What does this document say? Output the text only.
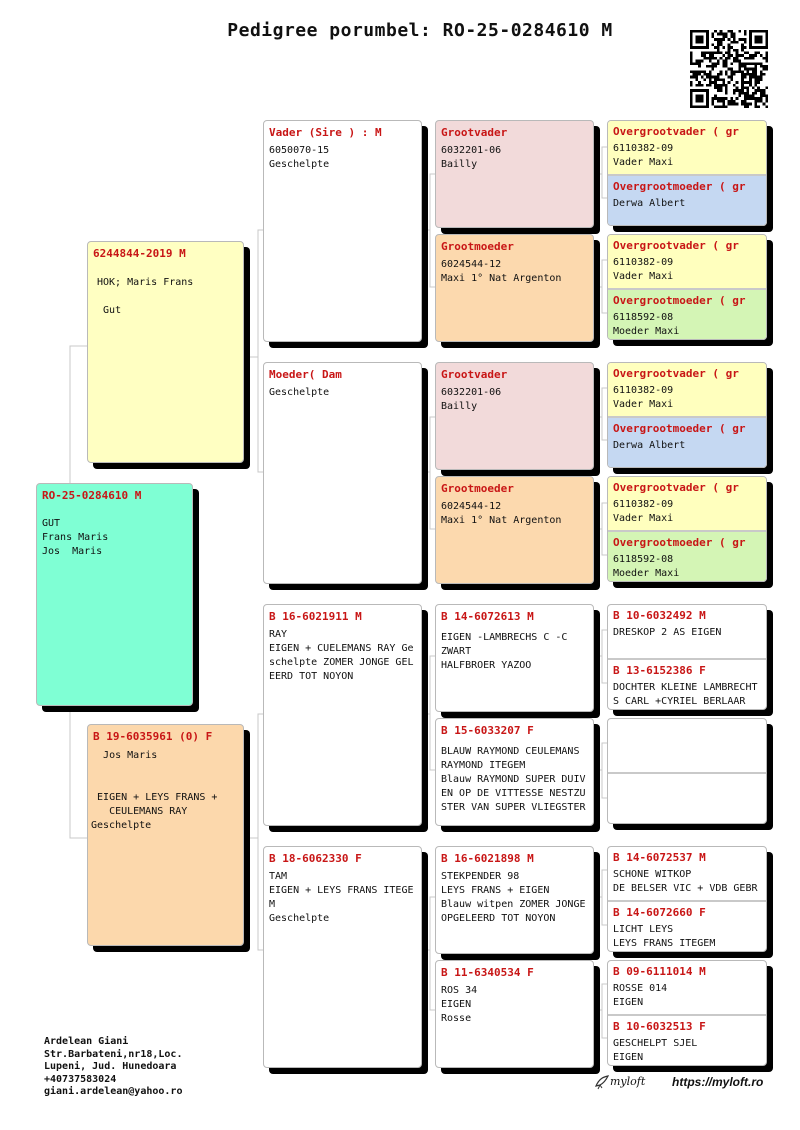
Pedigree porumbel: RO-25-0284610 M
RO-25-0284610 M
GUT
Frans Maris
Jos  Maris
6244844-2019 M
HOK; Maris Frans

Gut
B 19-6035961 (0) F
Jos Maris

EIGEN + LEYS FRANS +
CEULEMANS RAY
Geschelpte
Vader (Sire ) : M
6050070-15
Geschelpte
Moeder( Dam
Geschelpte
B 16-6021911 M
RAY
EIGEN + CUELEMANS RAY Ge
schelpte ZOMER JONGE GEL
EERD TOT NOYON
B 18-6062330 F
TAM
EIGEN + LEYS FRANS ITEGE
M
Geschelpte
Grootvader
6032201-06
Bailly
Grootmoeder
6024544-12
Maxi 1° Nat Argenton
Grootvader
6032201-06
Bailly
Grootmoeder
6024544-12
Maxi 1° Nat Argenton
B 14-6072613 M
EIGEN -LAMBRECHS C -C
ZWART
HALFBROER YAZOO
B 15-6033207 F
BLAUW RAYMOND CEULEMANS
RAYMOND ITEGEM
Blauw RAYMOND SUPER DUIV
EN OP DE VITTESSE NESTZU
STER VAN SUPER VLIEGSTER
B 16-6021898 M
STEKPENDER 98
LEYS FRANS + EIGEN
Blauw witpen ZOMER JONGE
OPGELEERD TOT NOYON
B 11-6340534 F
ROS 34
EIGEN
Rosse
Overgrootvader ( gr
6110382-09
Vader Maxi
Overgrootmoeder ( gr
Derwa Albert
Overgrootvader ( gr
6110382-09
Vader Maxi
Overgrootmoeder ( gr
6118592-08
Moeder Maxi
Overgrootvader ( gr
6110382-09
Vader Maxi
Overgrootmoeder ( gr
Derwa Albert
Overgrootvader ( gr
6110382-09
Vader Maxi
Overgrootmoeder ( gr
6118592-08
Moeder Maxi
B 10-6032492 M
DRESKOP 2 AS EIGEN
B 13-6152386 F
DOCHTER KLEINE LAMBRECHT
S CARL +CYRIEL BERLAAR
B 14-6072537 M
SCHONE WITKOP
DE BELSER VIC + VDB GEBR
B 14-6072660 F
LICHT LEYS
LEYS FRANS ITEGEM
B 09-6111014 M
ROSSE 014
EIGEN
B 10-6032513 F
GESCHELPT SJEL
EIGEN
Ardelean Giani
Str.Barbateni,nr18,Loc.
Lupeni, Jud. Hunedoara
+40737583024
giani.ardelean@yahoo.ro
myloft https://myloft.ro
